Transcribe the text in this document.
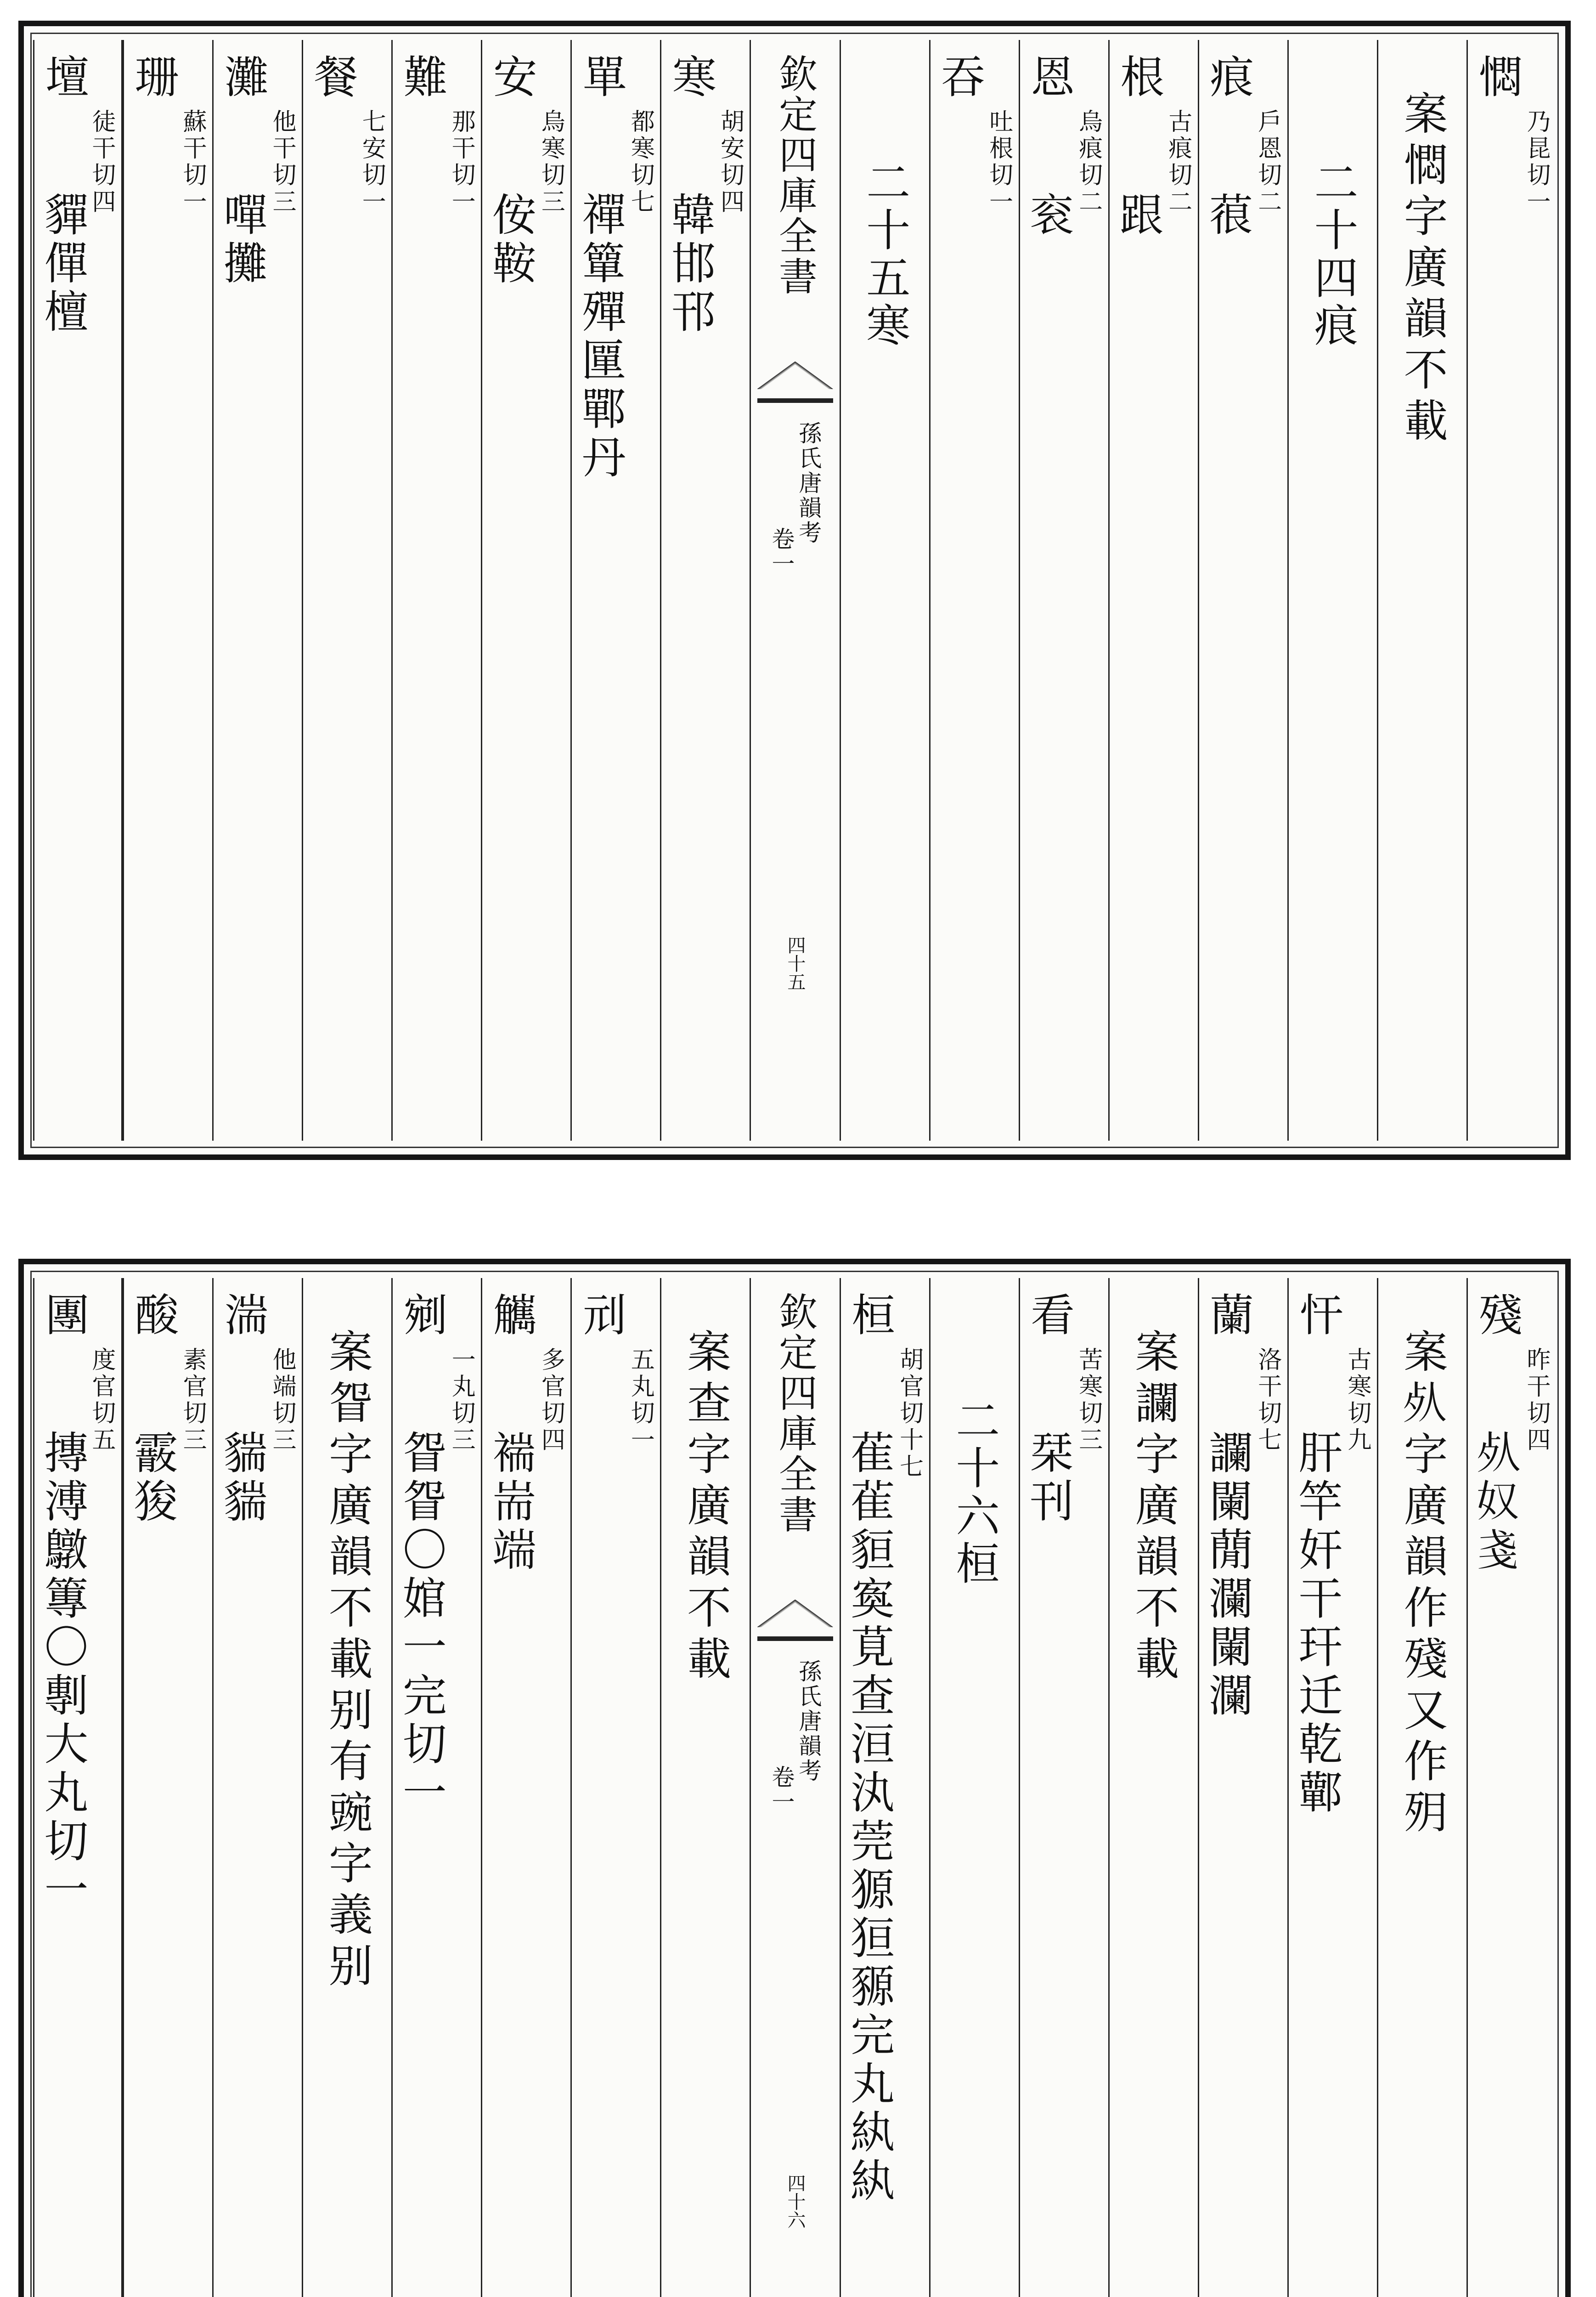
㦖
乃昆切一
案㦖字廣韻不載
二十四痕
痕
戶恩切二
䓳
根
古痕切二
跟
恩
烏痕切二
衮
吞
吐根切一
二十五寒
欽定四庫全書
孫氏唐韻考
卷一
四十五
寒
胡安切四
韓邯邗
單
都寒切七
禪簞殫匰鄲丹
安
烏寒切三
侒鞍
難
那干切一
餐
七安切一
灘
他干切三
嘽攤
珊
蘇干切一
壇
徒干切四
貚僤檀
殘
昨干切四
𣦸奴戔
案𣦸字廣韻作殘又作㱚
忓
古寒切九
肝竿奸干玕迁乾鄿
蘭
洛干切七
讕闌蕑瀾闌瀾
案讕字廣韻不載
看
苦寒切三
栞刊
二十六桓
桓
胡官切十七
萑雈貆寏莧查洹汍莞獂狟豲完丸紈紈
欽定四庫全書
孫氏唐韻考
卷一
四十六
案查字廣韻不載
刓
五丸切一
觽
多官切四
褍耑端
剜
一丸切三
眢眢〇婠一完切一
案眢字廣韻不載别有豌字義别
湍
他端切三
貒貒
酸
素官切三
霰狻
團
度官切五
摶溥鷻篿〇剸大丸切一
